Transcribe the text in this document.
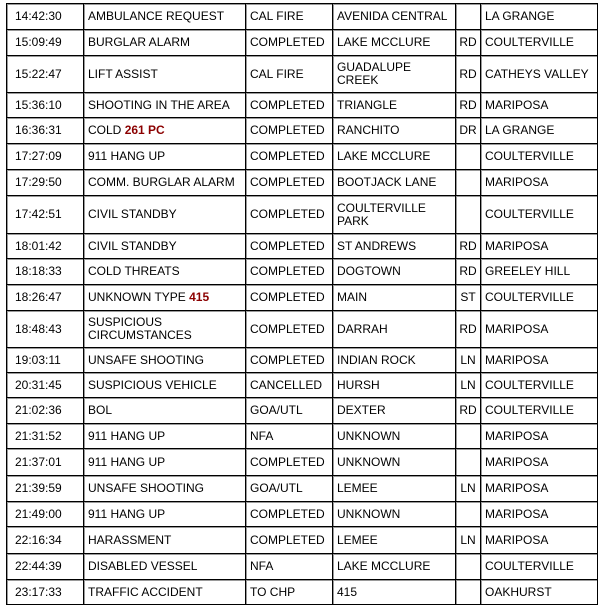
14:42:30	AMBULANCE REQUEST	CAL FIRE	AVENIDA CENTRAL		LA GRANGE
15:09:49	BURGLAR ALARM	COMPLETED	LAKE MCCLURE	RD	COULTERVILLE
15:22:47	LIFT ASSIST	CAL FIRE	GUADALUPE CREEK	RD	CATHEYS VALLEY
15:36:10	SHOOTING IN THE AREA	COMPLETED	TRIANGLE	RD	MARIPOSA
16:36:31	COLD 261 PC	COMPLETED	RANCHITO	DR	LA GRANGE
17:27:09	911 HANG UP	COMPLETED	LAKE MCCLURE		COULTERVILLE
17:29:50	COMM. BURGLAR ALARM	COMPLETED	BOOTJACK LANE		MARIPOSA
17:42:51	CIVIL STANDBY	COMPLETED	COULTERVILLE PARK		COULTERVILLE
18:01:42	CIVIL STANDBY	COMPLETED	ST ANDREWS	RD	MARIPOSA
18:18:33	COLD THREATS	COMPLETED	DOGTOWN	RD	GREELEY HILL
18:26:47	UNKNOWN TYPE 415	COMPLETED	MAIN	ST	COULTERVILLE
18:48:43	SUSPICIOUS CIRCUMSTANCES	COMPLETED	DARRAH	RD	MARIPOSA
19:03:11	UNSAFE SHOOTING	COMPLETED	INDIAN ROCK	LN	MARIPOSA
20:31:45	SUSPICIOUS VEHICLE	CANCELLED	HURSH	LN	COULTERVILLE
21:02:36	BOL	GOA/UTL	DEXTER	RD	COULTERVILLE
21:31:52	911 HANG UP	NFA	UNKNOWN		MARIPOSA
21:37:01	911 HANG UP	COMPLETED	UNKNOWN		MARIPOSA
21:39:59	UNSAFE SHOOTING	GOA/UTL	LEMEE	LN	MARIPOSA
21:49:00	911 HANG UP	COMPLETED	UNKNOWN		MARIPOSA
22:16:34	HARASSMENT	COMPLETED	LEMEE	LN	MARIPOSA
22:44:39	DISABLED VESSEL	NFA	LAKE MCCLURE		COULTERVILLE
23:17:33	TRAFFIC ACCIDENT	TO CHP	415		OAKHURST
